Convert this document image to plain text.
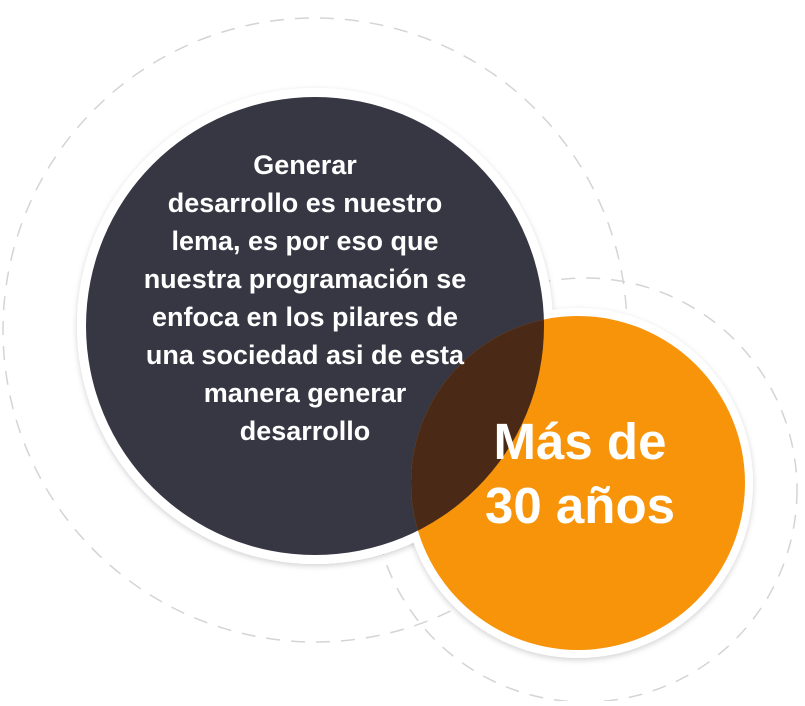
Generar
desarrollo es nuestro
lema, es por eso que
nuestra programación se
enfoca en los pilares de
una sociedad asi de esta
manera generar
desarrollo	Más de
30 años
